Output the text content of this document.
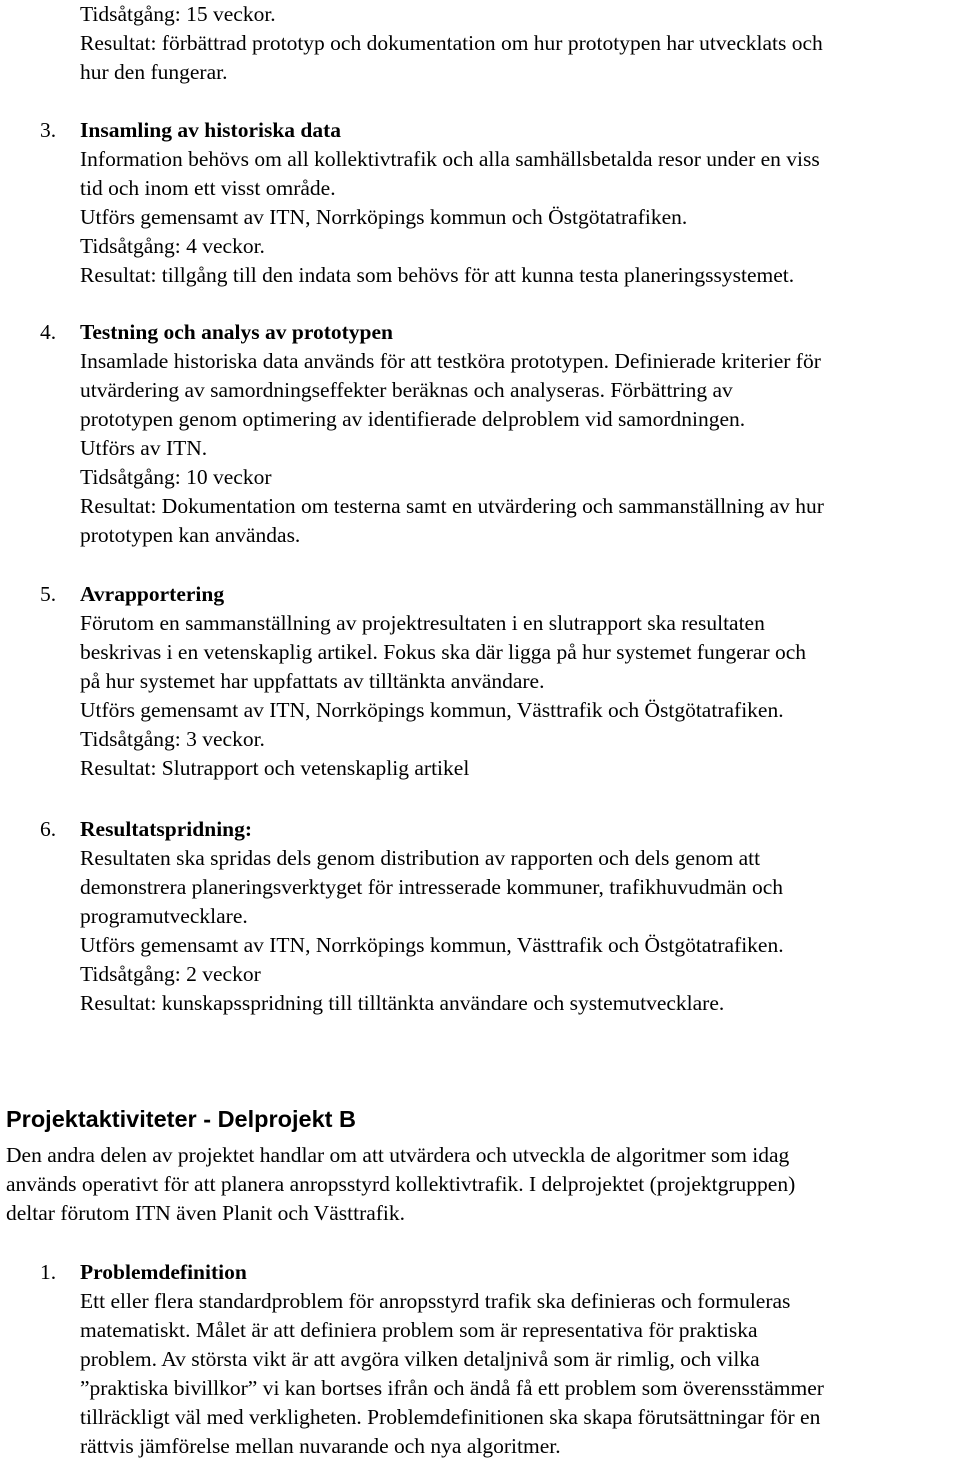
Tidsåtgång: 15 veckor.
Resultat: förbättrad prototyp och dokumentation om hur prototypen har utvecklats och
hur den fungerar.
3. Insamling av historiska data
Information behövs om all kollektivtrafik och alla samhällsbetalda resor under en viss
tid och inom ett visst område.
Utförs gemensamt av ITN, Norrköpings kommun och Östgötatrafiken.
Tidsåtgång: 4 veckor.
Resultat: tillgång till den indata som behövs för att kunna testa planeringssystemet.
4. Testning och analys av prototypen
Insamlade historiska data används för att testköra prototypen. Definierade kriterier för
utvärdering av samordningseffekter beräknas och analyseras. Förbättring av
prototypen genom optimering av identifierade delproblem vid samordningen.
Utförs av ITN.
Tidsåtgång: 10 veckor
Resultat: Dokumentation om testerna samt en utvärdering och sammanställning av hur
prototypen kan användas.
5. Avrapportering
Förutom en sammanställning av projektresultaten i en slutrapport ska resultaten
beskrivas i en vetenskaplig artikel. Fokus ska där ligga på hur systemet fungerar och
på hur systemet har uppfattats av tilltänkta användare.
Utförs gemensamt av ITN, Norrköpings kommun, Västtrafik och Östgötatrafiken.
Tidsåtgång: 3 veckor.
Resultat: Slutrapport och vetenskaplig artikel
6. Resultatspridning:
Resultaten ska spridas dels genom distribution av rapporten och dels genom att
demonstrera planeringsverktyget för intresserade kommuner, trafikhuvudmän och
programutvecklare.
Utförs gemensamt av ITN, Norrköpings kommun, Västtrafik och Östgötatrafiken.
Tidsåtgång: 2 veckor
Resultat: kunskapsspridning till tilltänkta användare och systemutvecklare.
Projektaktiviteter - Delprojekt B
Den andra delen av projektet handlar om att utvärdera och utveckla de algoritmer som idag
används operativt för att planera anropsstyrd kollektivtrafik. I delprojektet (projektgruppen)
deltar förutom ITN även Planit och Västtrafik.
1. Problemdefinition
Ett eller flera standardproblem för anropsstyrd trafik ska definieras och formuleras
matematiskt. Målet är att definiera problem som är representativa för praktiska
problem. Av största vikt är att avgöra vilken detaljnivå som är rimlig, och vilka
”praktiska bivillkor” vi kan bortses ifrån och ändå få ett problem som överensstämmer
tillräckligt väl med verkligheten. Problemdefinitionen ska skapa förutsättningar för en
rättvis jämförelse mellan nuvarande och nya algoritmer.
